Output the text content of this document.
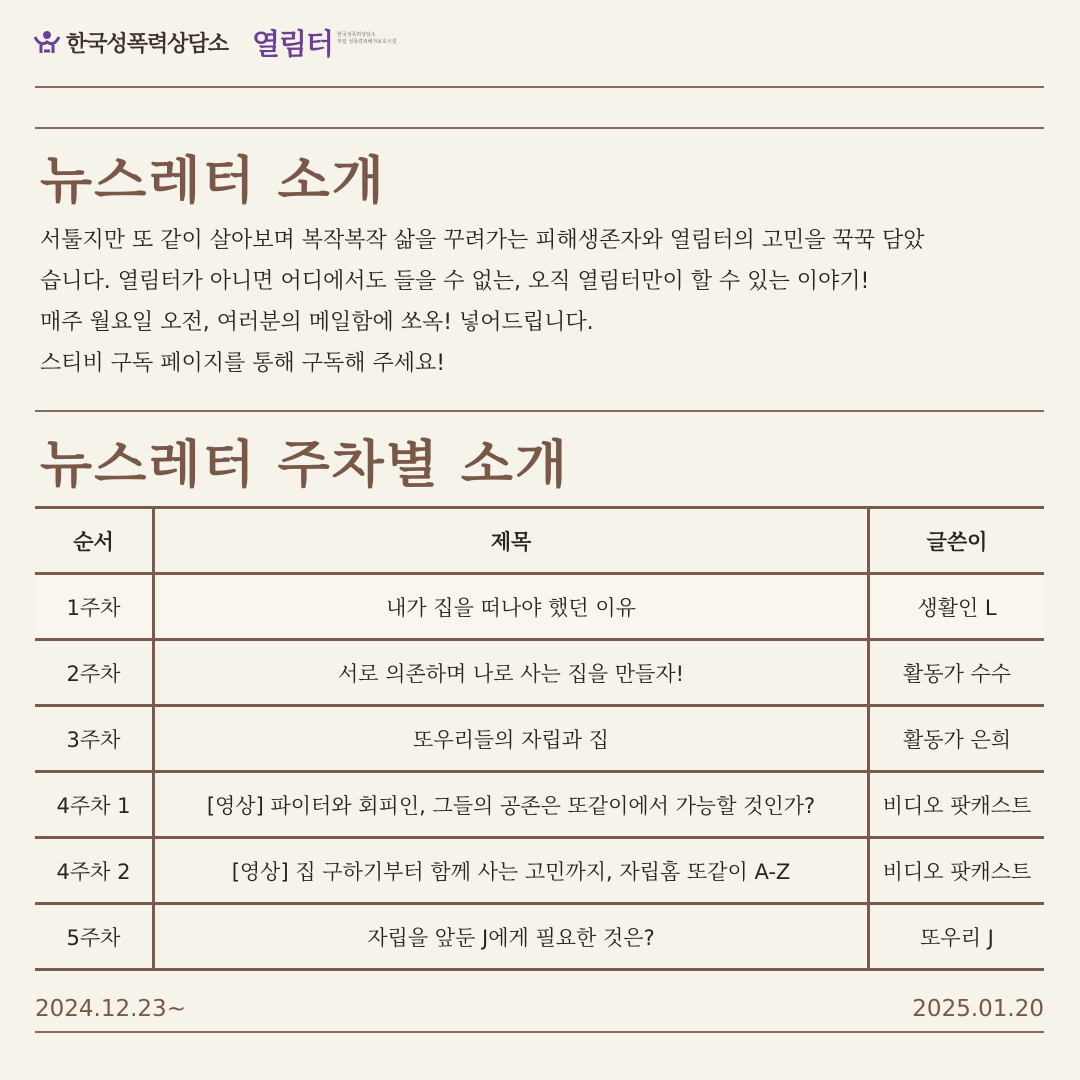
한국성폭력상담소 열림터 한국성폭력상담소
부설 성폭력피해자보호시설
뉴스레터 소개

서툴지만 또 같이 살아보며 복작복작 삶을 꾸려가는 피해생존자와 열림터의 고민을 꾹꾹 담았

습니다. 열림터가 아니면 어디에서도 들을 수 없는, 오직 열림터만이 할 수 있는 이야기!

매주 월요일 오전, 여러분의 메일함에 쏘옥! 넣어드립니다.

스티비 구독 페이지를 통해 구독해 주세요!

뉴스레터 주차별 소개
순서	제목	글쓴이
1주차	내가 집을 떠나야 했던 이유	생활인 L
2주차	서로 의존하며 나로 사는 집을 만들자!	활동가 수수
3주차	또우리들의 자립과 집	활동가 은희
4주차 1	[영상] 파이터와 회피인, 그들의 공존은 또같이에서 가능할 것인가?	비디오 팟캐스트
4주차 2	[영상] 집 구하기부터 함께 사는 고민까지, 자립홈 또같이 A-Z	비디오 팟캐스트
5주차	자립을 앞둔 J에게 필요한 것은?	또우리 J
2024.12.23~	2025.01.20
